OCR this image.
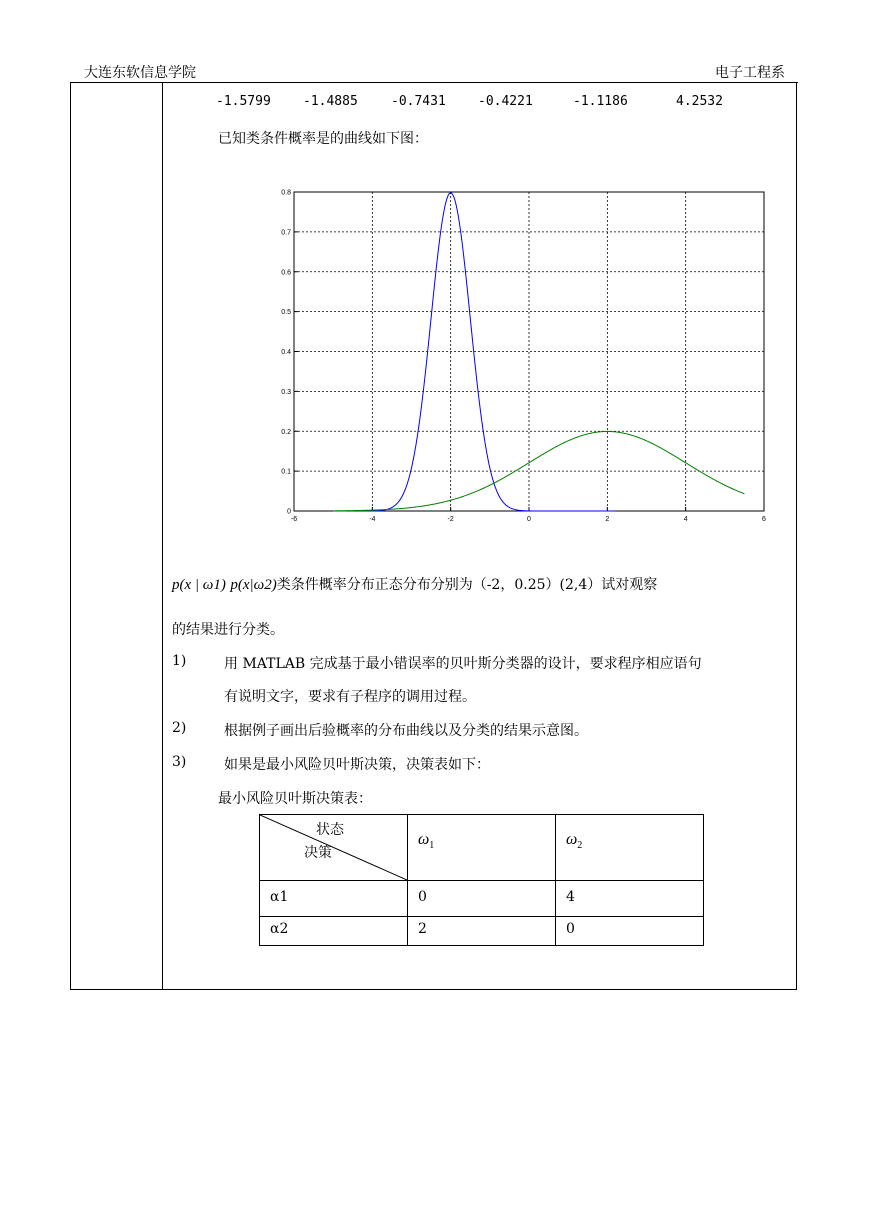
大连东软信息学院	电子工程系
-1.5799 -1.4885	-0.7431 -0.4221	-1.1186	4.2532
已知类条件概率是的曲线如下图：
-6	-4	-2	0	2	4	6
0
0.1
0.2
0.3
0.4
0.5
0.6
0.7
0.8
p(x | ω1) p(x|ω2)类条件概率分布正态分布分别为（-2，0.25）(2,4）试对观察
的结果进行分类。
1)	用 MATLAB 完成基于最小错误率的贝叶斯分类器的设计，要求程序相应语句
有说明文字，要求有子程序的调用过程。
2)	根据例子画出后验概率的分布曲线以及分类的结果示意图。
3)	如果是最小风险贝叶斯决策，决策表如下：
最小风险贝叶斯决策表：
状态
决策	$\omega_1$	$\omega_2$

α1	0	4

α2	2	0
